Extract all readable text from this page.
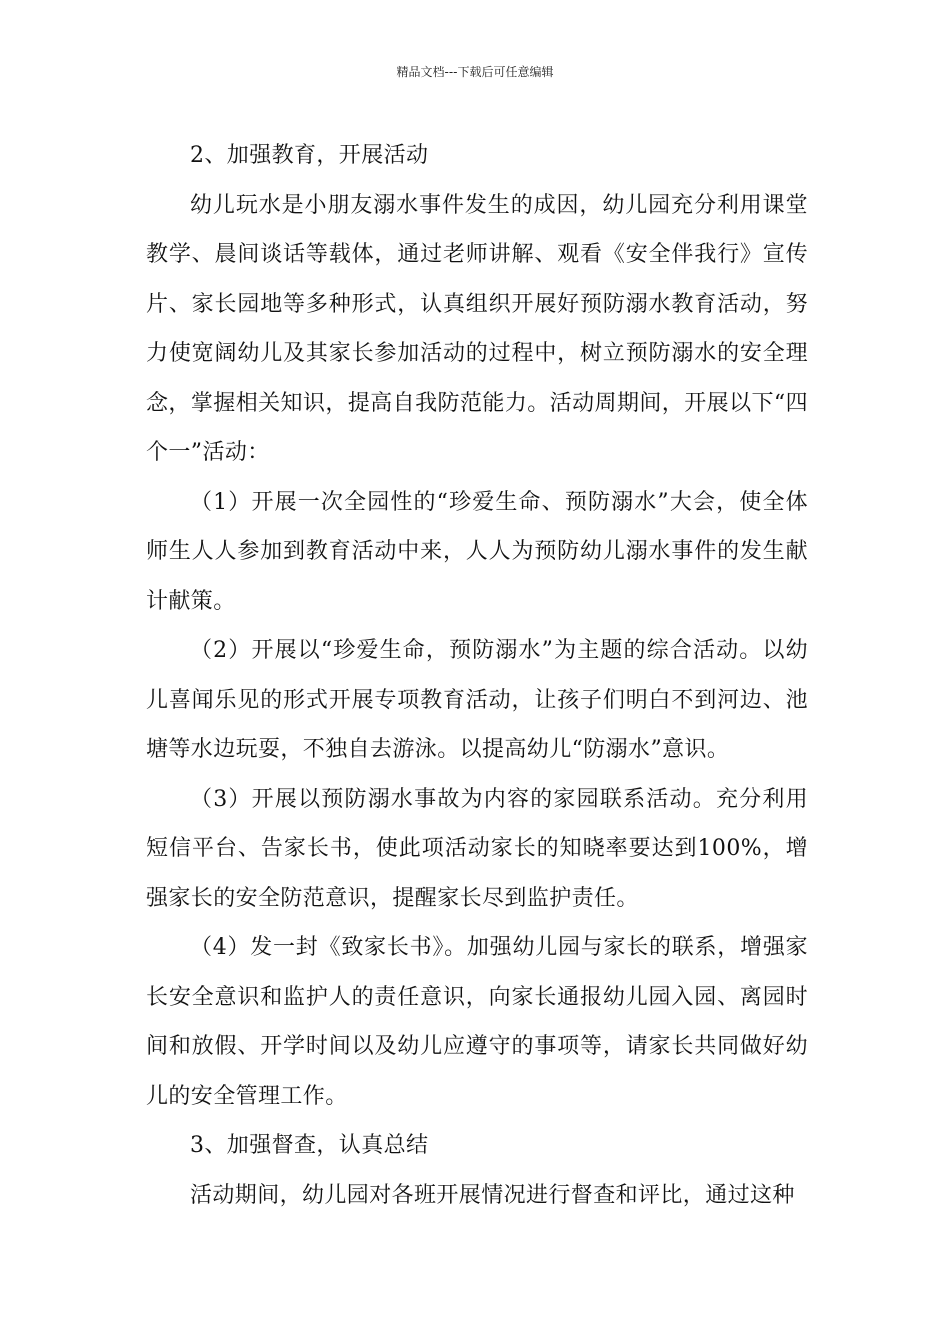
精品文档---下载后可任意编辑

2、加强教育，开展活动

幼儿玩水是小朋友溺水事件发生的成因，幼儿园充分利用课堂教学、晨间谈话等载体，通过老师讲解、观看《安全伴我行》宣传片、家长园地等多种形式，认真组织开展好预防溺水教育活动，努力使宽阔幼儿及其家长参加活动的过程中，树立预防溺水的安全理念，掌握相关知识，提高自我防范能力。活动周期间，开展以下“四个一”活动：

（1）开展一次全园性的“珍爱生命、预防溺水”大会，使全体师生人人参加到教育活动中来，人人为预防幼儿溺水事件的发生献计献策。

（2）开展以“珍爱生命，预防溺水”为主题的综合活动。以幼儿喜闻乐见的形式开展专项教育活动，让孩子们明白不到河边、池塘等水边玩耍，不独自去游泳。以提高幼儿“防溺水”意识。

（3）开展以预防溺水事故为内容的家园联系活动。充分利用短信平台、告家长书，使此项活动家长的知晓率要达到100%，增强家长的安全防范意识，提醒家长尽到监护责任。

（4）发一封《致家长书》。加强幼儿园与家长的联系，增强家长安全意识和监护人的责任意识，向家长通报幼儿园入园、离园时间和放假、开学时间以及幼儿应遵守的事项等，请家长共同做好幼儿的安全管理工作。

3、加强督查，认真总结

活动期间，幼儿园对各班开展情况进行督查和评比，通过这种
